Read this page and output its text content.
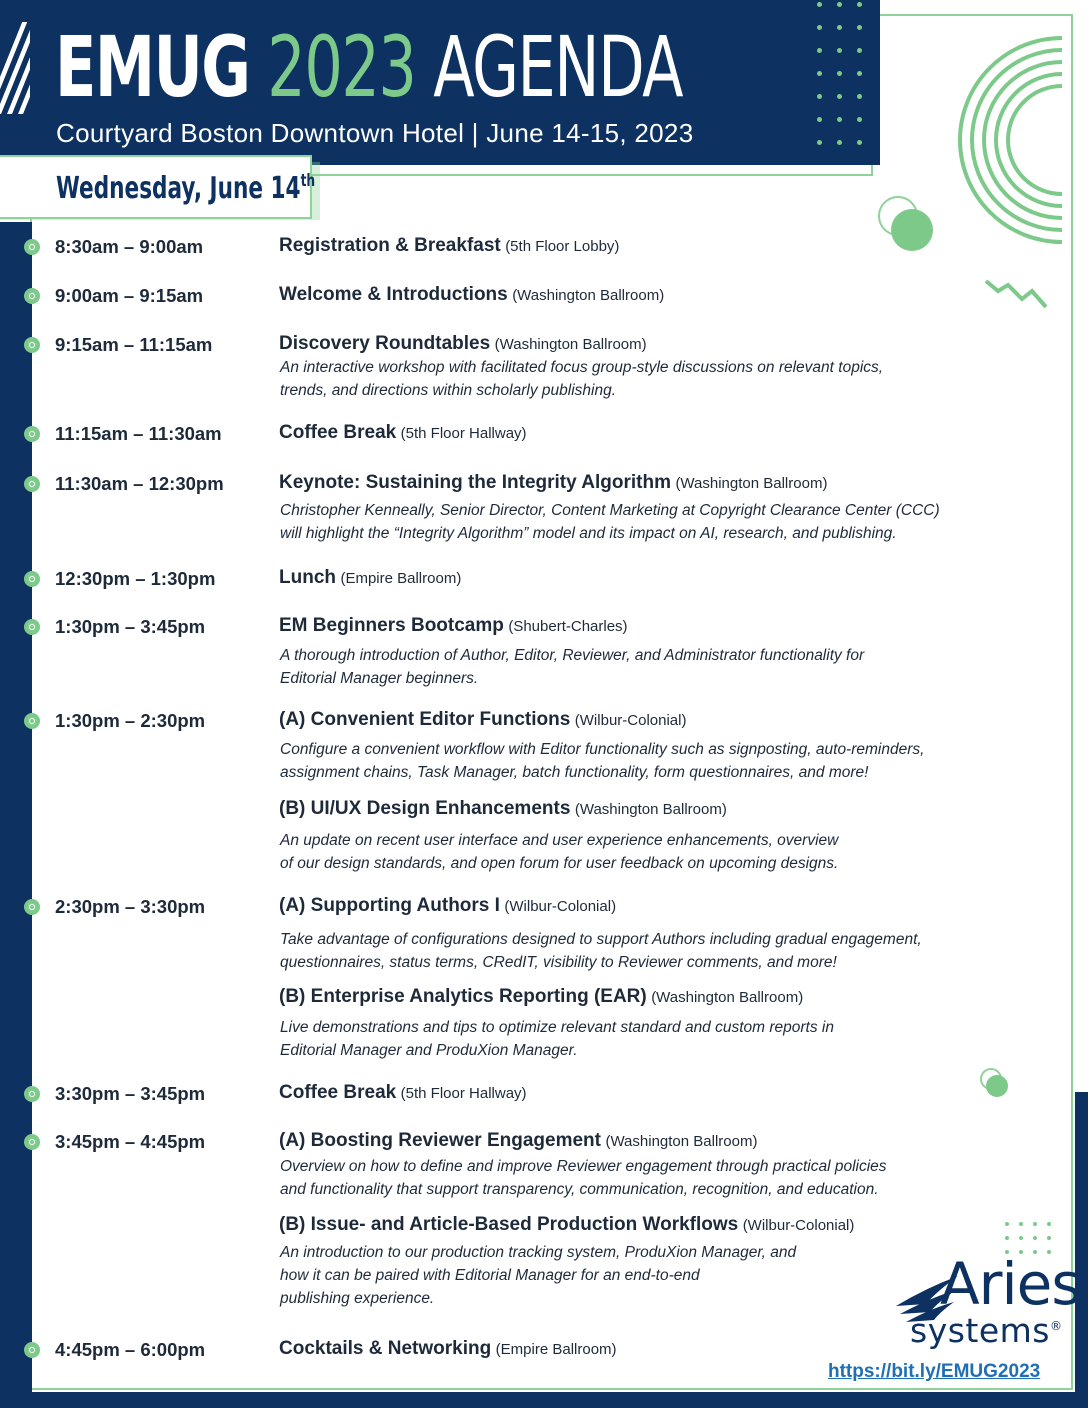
EMUG 2023 AGENDA
Courtyard Boston Downtown Hotel | June 14-15, 2023
Wednesday, June 14th
8:30am – 9:00am	Registration & Breakfast (5th Floor Lobby)
9:00am – 9:15am	Welcome & Introductions (Washington Ballroom)
9:15am – 11:15am	Discovery Roundtables (Washington Ballroom)
An interactive workshop with facilitated focus group-style discussions on relevant topics,
trends, and directions within scholarly publishing.
11:15am – 11:30am	Coffee Break (5th Floor Hallway)
11:30am – 12:30pm	Keynote: Sustaining the Integrity Algorithm (Washington Ballroom)
Christopher Kenneally, Senior Director, Content Marketing at Copyright Clearance Center (CCC)
will highlight the “Integrity Algorithm” model and its impact on AI, research, and publishing.
12:30pm – 1:30pm	Lunch (Empire Ballroom)
1:30pm – 3:45pm	EM Beginners Bootcamp (Shubert-Charles)
A thorough introduction of Author, Editor, Reviewer, and Administrator functionality for
Editorial Manager beginners.
1:30pm – 2:30pm	(A) Convenient Editor Functions (Wilbur-Colonial)
Configure a convenient workflow with Editor functionality such as signposting, auto-reminders,
assignment chains, Task Manager, batch functionality, form questionnaires, and more!
(B) UI/UX Design Enhancements (Washington Ballroom)
An update on recent user interface and user experience enhancements, overview
of our design standards, and open forum for user feedback on upcoming designs.
2:30pm – 3:30pm	(A) Supporting Authors I (Wilbur-Colonial)
Take advantage of configurations designed to support Authors including gradual engagement,
questionnaires, status terms, CRedIT, visibility to Reviewer comments, and more!
(B) Enterprise Analytics Reporting (EAR) (Washington Ballroom)
Live demonstrations and tips to optimize relevant standard and custom reports in
Editorial Manager and ProduXion Manager.
3:30pm – 3:45pm	Coffee Break (5th Floor Hallway)
3:45pm – 4:45pm	(A) Boosting Reviewer Engagement (Washington Ballroom)
Overview on how to define and improve Reviewer engagement through practical policies
and functionality that support transparency, communication, recognition, and education.
(B) Issue- and Article-Based Production Workflows (Wilbur-Colonial)
An introduction to our production tracking system, ProduXion Manager, and
how it can be paired with Editorial Manager for an end-to-end
publishing experience.
4:45pm – 6:00pm	Cocktails & Networking (Empire Ballroom)
Aries
systems®
https://bit.ly/EMUG2023
